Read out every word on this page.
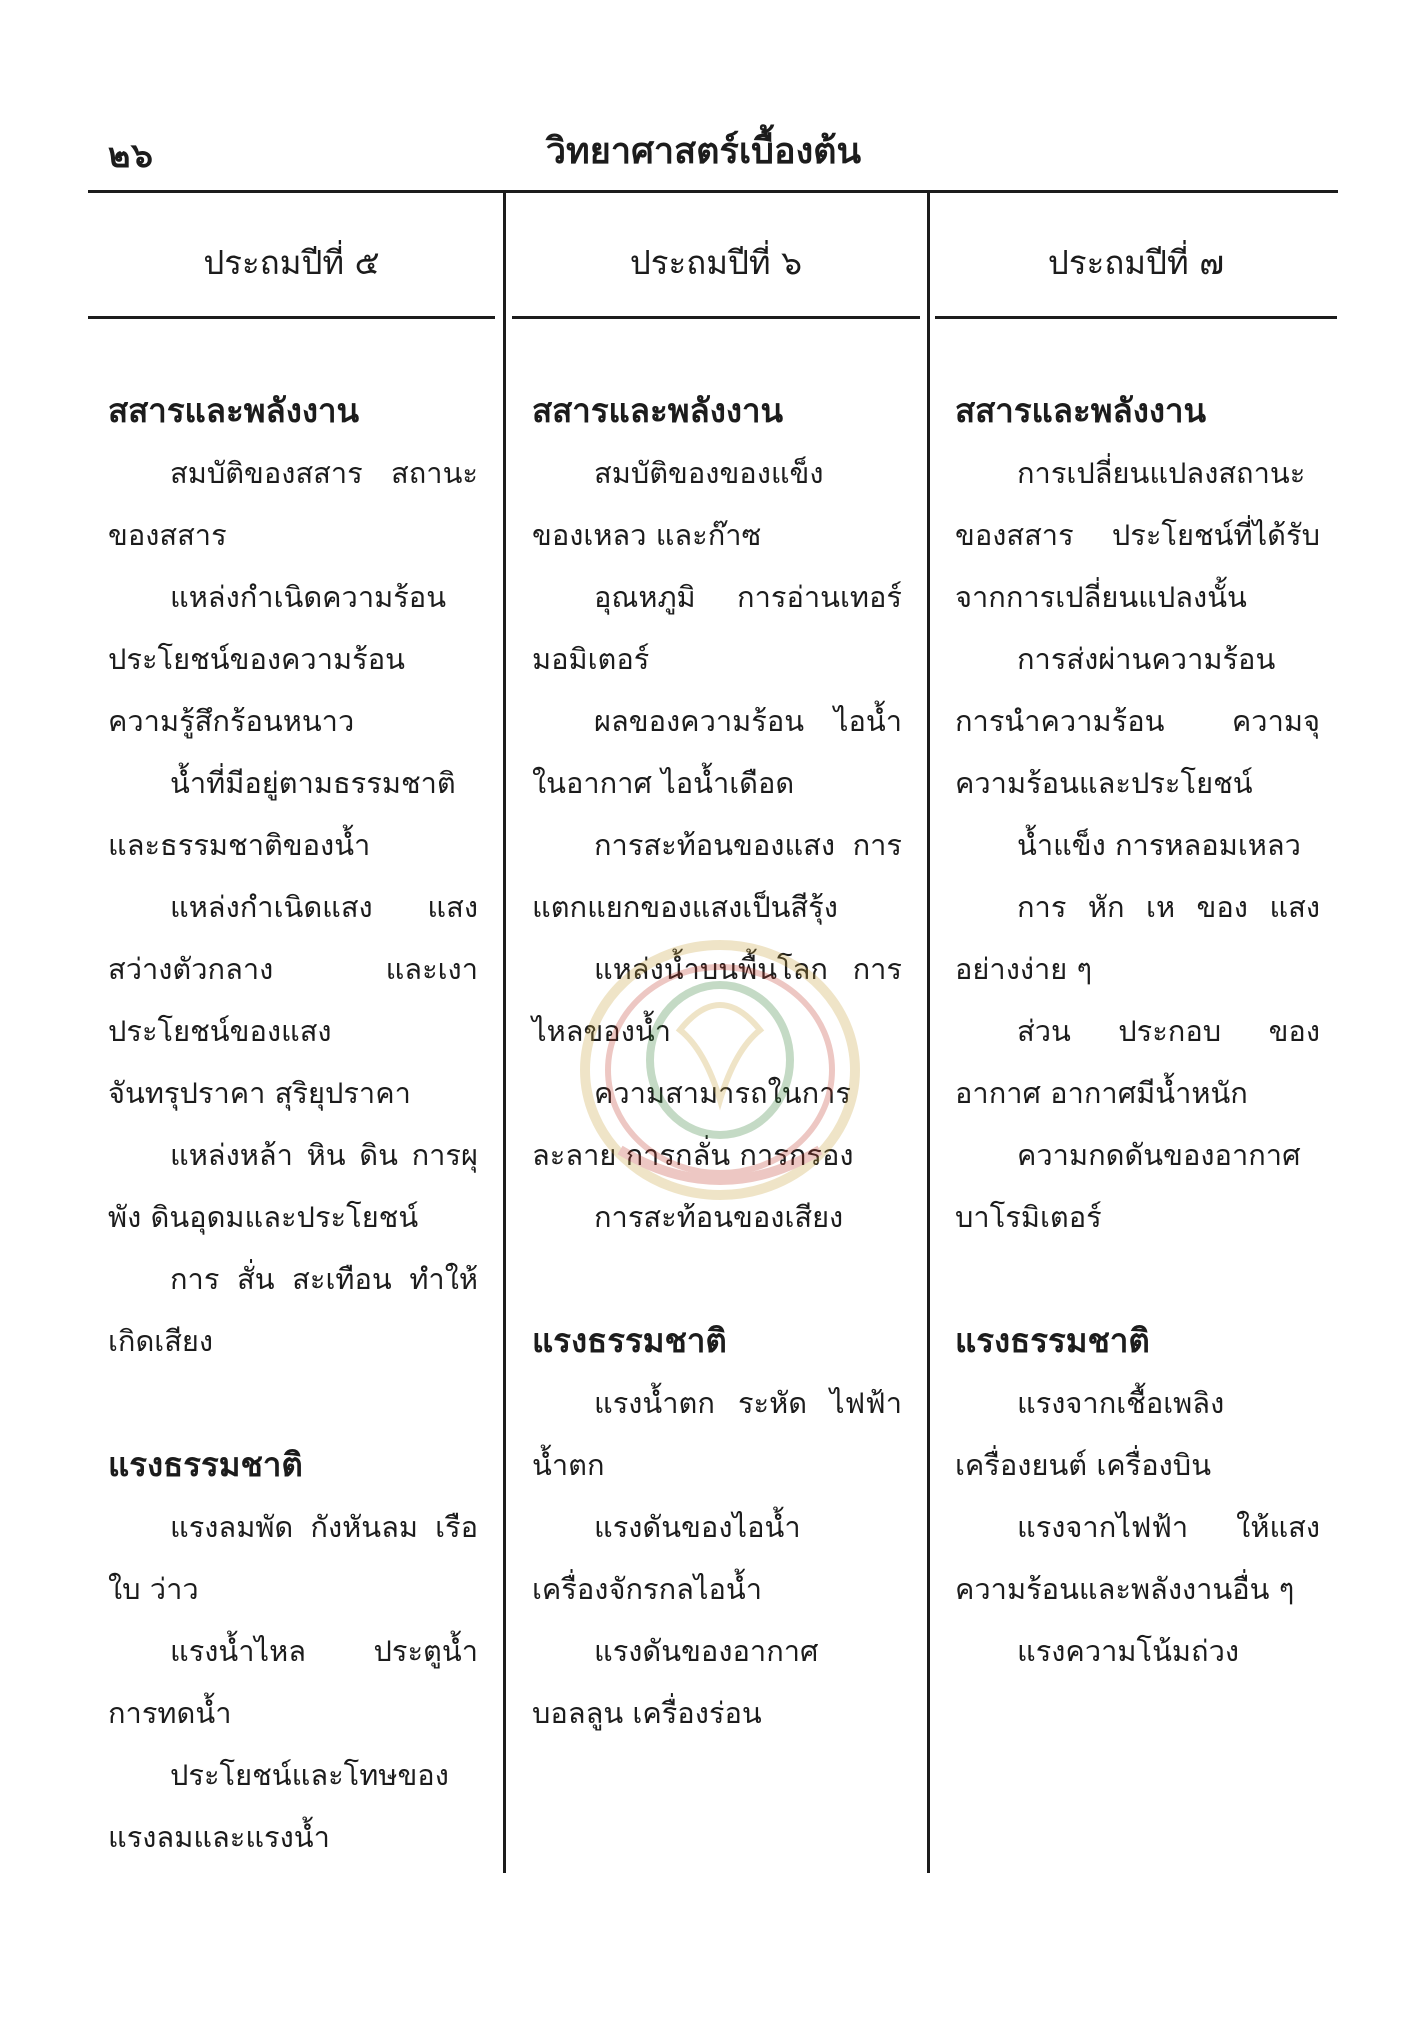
๒๖	วิทยาศาสตร์เบื้องต้น
ประถมปีที่ ๕	ประถมปีที่ ๖	ประถมปีที่ ๗

สสารและพลังงาน

สมบัติของสสาร สถานะของสสาร

แหล่งกำเนิดความร้อน ประโยชน์ของความร้อน ความรู้สึกร้อนหนาว

น้ำที่มีอยู่ตามธรรมชาติและธรรมชาติของน้ำ

แหล่งกำเนิดแสง แสงสว่างตัวกลาง และเงา ประโยชน์ของแสง จันทรุปราคา สุริยุปราคา

แหล่งหล้า หิน ดิน การผุพัง ดินอุดมและประโยชน์

การ สั่น สะเทือน ทำให้เกิดเสียง

แรงธรรมชาติ

แรงลมพัด กังหันลม เรือใบ ว่าว

แรงน้ำไหล ประตูน้ำ การทดน้ำ

ประโยชน์และโทษของแรงลมและแรงน้ำ

สสารและพลังงาน

สมบัติของของแข็ง ของเหลว และก๊าซ

อุณหภูมิ การอ่านเทอร์มอมิเตอร์

ผลของความร้อน ไอน้ำในอากาศ ไอน้ำเดือด

การสะท้อนของแสง การแตกแยกของแสงเป็นสีรุ้ง

แหล่งน้ำบนพื้นโลก การไหลของน้ำ

ความสามารถในการละลาย การกลั่น การกรอง

การสะท้อนของเสียง

แรงธรรมชาติ

แรงน้ำตก ระหัด ไฟฟ้าน้ำตก

แรงดันของไอน้ำ เครื่องจักรกลไอน้ำ

แรงดันของอากาศ บอลลูน เครื่องร่อน

สสารและพลังงาน

การเปลี่ยนแปลงสถานะของสสาร ประโยชน์ที่ได้รับจากการเปลี่ยนแปลงนั้น

การส่งผ่านความร้อน การนำความร้อน ความจุความร้อนและประโยชน์

น้ำแข็ง การหลอมเหลว

การ หัก เห ของ แสง อย่างง่าย ๆ

ส่วน ประกอบ ของ อากาศ อากาศมีน้ำหนัก

ความกดดันของอากาศ บาโรมิเตอร์

แรงธรรมชาติ

แรงจากเชื้อเพลิง เครื่องยนต์ เครื่องบิน

แรงจากไฟฟ้า ให้แสงความร้อนและพลังงานอื่น ๆ

แรงความโน้มถ่วง
